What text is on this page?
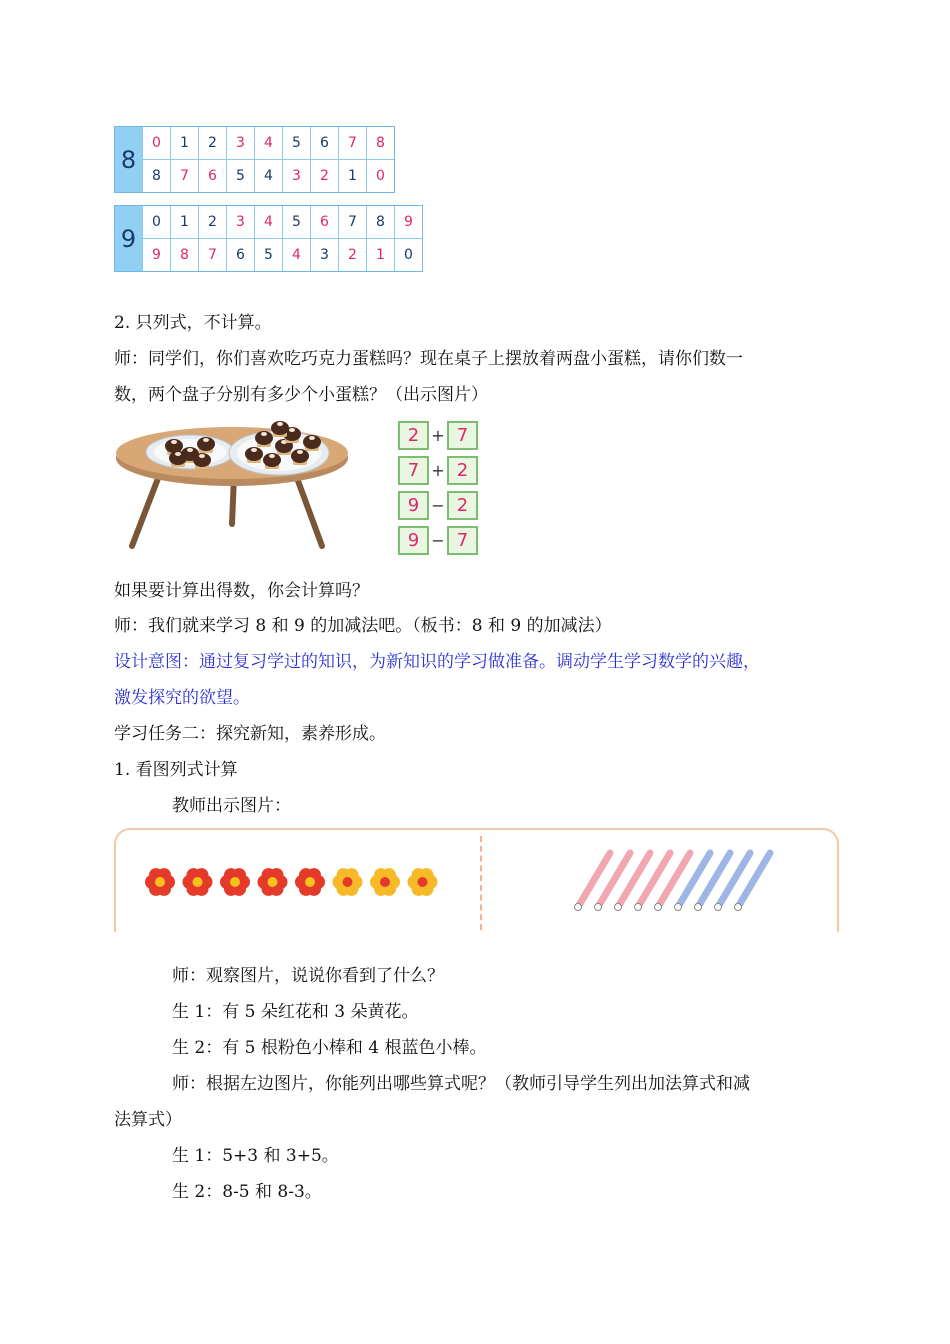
8
0	1	2	3	4	5	6	7	8
8	7	6	5	4	3	2	1	0
9
0	1	2	3	4	5	6	7	8	9
9	8	7	6	5	4	3	2	1	0
2. 只列式，不计算。
师：同学们，你们喜欢吃巧克力蛋糕吗？现在桌子上摆放着两盘小蛋糕，请你们数一
数，两个盘子分别有多少个小蛋糕？（出示图片）
2 + 7
7 + 2
9 − 2
9 − 7
如果要计算出得数，你会计算吗？
师：我们就来学习 8 和 9 的加减法吧。（板书：8 和 9 的加减法）
设计意图：通过复习学过的知识，为新知识的学习做准备。调动学生学习数学的兴趣，
激发探究的欲望。
学习任务二：探究新知，素养形成。
1. 看图列式计算
教师出示图片：
师：观察图片，说说你看到了什么？
生 1：有 5 朵红花和 3 朵黄花。
生 2：有 5 根粉色小棒和 4 根蓝色小棒。
师：根据左边图片，你能列出哪些算式呢？（教师引导学生列出加法算式和减
法算式）
生 1：5+3 和 3+5。
生 2：8-5 和 8-3。
